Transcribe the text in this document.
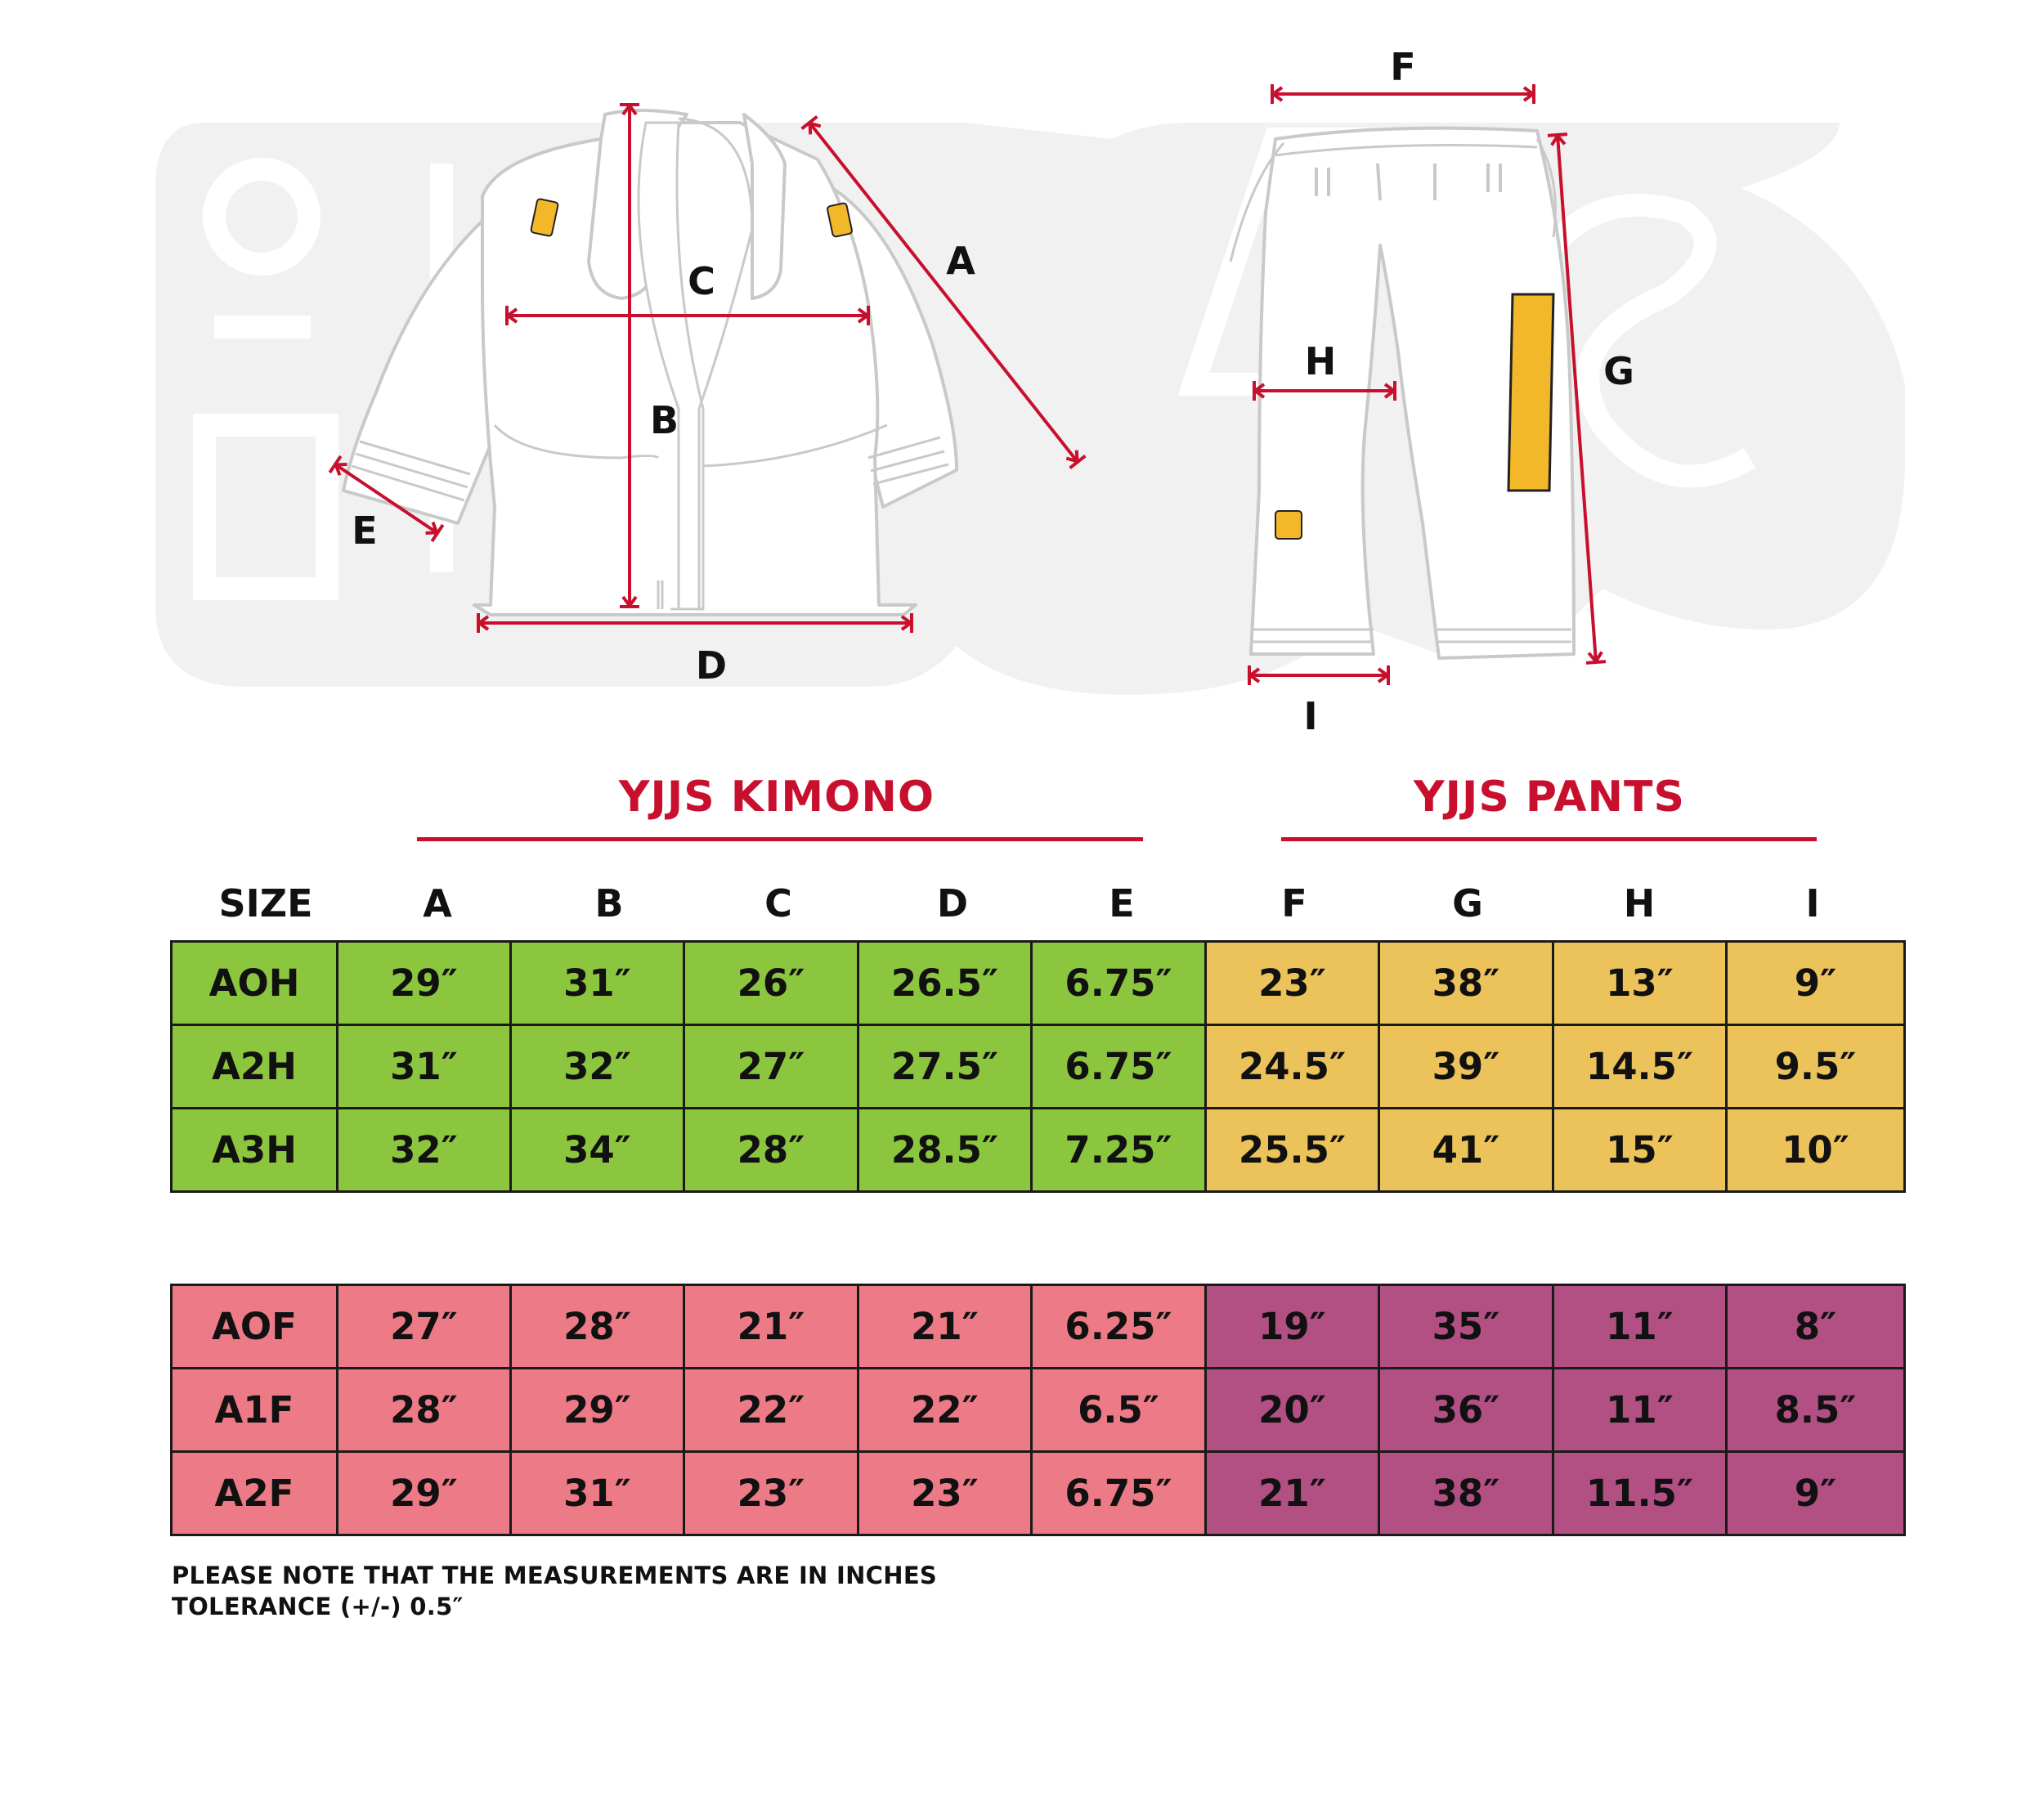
A
B
C
D
E
F
G
H
I
YJJS KIMONO	YJJS PANTS
SIZE	A	B	C	D	E	F	G	H	I
AOH	29″	31″	26″	26.5″	6.75″	23″	38″	13″	9″
A2H	31″	32″	27″	27.5″	6.75″	24.5″	39″	14.5″	9.5″
A3H	32″	34″	28″	28.5″	7.25″	25.5″	41″	15″	10″
AOF	27″	28″	21″	21″	6.25″	19″	35″	11″	8″
A1F	28″	29″	22″	22″	6.5″	20″	36″	11″	8.5″
A2F	29″	31″	23″	23″	6.75″	21″	38″	11.5″	9″
PLEASE NOTE THAT THE MEASUREMENTS ARE IN INCHES
TOLERANCE (+/-) 0.5″
